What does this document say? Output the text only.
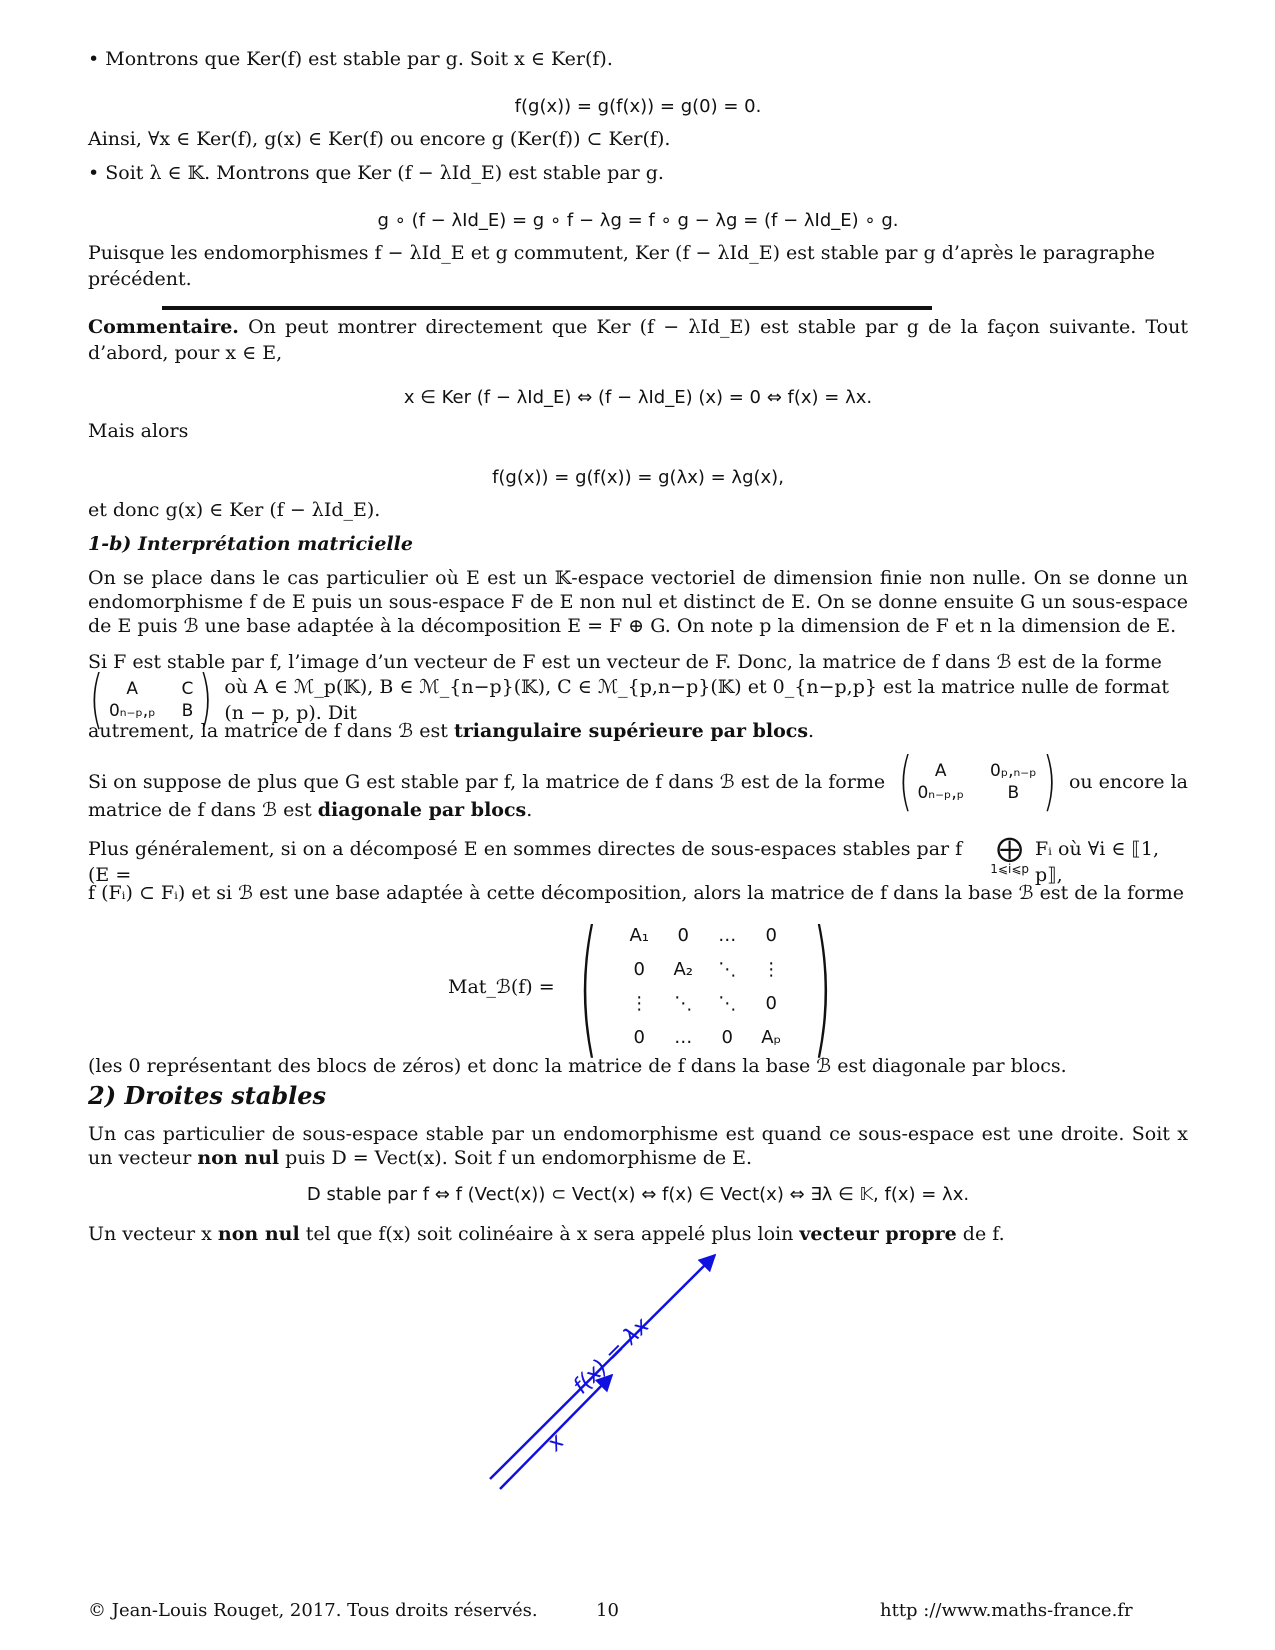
• Montrons que Ker(f) est stable par g. Soit x ∈ Ker(f).
f(g(x)) = g(f(x)) = g(0) = 0.
Ainsi, ∀x ∈ Ker(f), g(x) ∈ Ker(f) ou encore g (Ker(f)) ⊂ Ker(f).
• Soit λ ∈ 𝕂. Montrons que Ker (f − λId_E) est stable par g.
g ∘ (f − λId_E) = g ∘ f − λg = f ∘ g − λg = (f − λId_E) ∘ g.
Puisque les endomorphismes f − λId_E et g commutent, Ker (f − λId_E) est stable par g d’après le paragraphe précédent.
Commentaire. On peut montrer directement que Ker (f − λId_E) est stable par g de la façon suivante. Tout d’abord, pour x ∈ E,
x ∈ Ker (f − λId_E) ⇔ (f − λId_E) (x) = 0 ⇔ f(x) = λx.
Mais alors
f(g(x)) = g(f(x)) = g(λx) = λg(x),
et donc g(x) ∈ Ker (f − λId_E).
1-b) Interprétation matricielle
On se place dans le cas particulier où E est un 𝕂-espace vectoriel de dimension finie non nulle. On se donne un endomorphisme f de E puis un sous-espace F de E non nul et distinct de E. On se donne ensuite G un sous-espace de E puis ℬ une base adaptée à la décomposition E = F ⊕ G. On note p la dimension de F et n la dimension de E.
Si F est stable par f, l’image d’un vecteur de F est un vecteur de F. Donc, la matrice de f dans ℬ est de la forme
(	A	C
0ₙ₋ₚ,ₚ B ) où A ∈ ℳ_p(𝕂), B ∈ ℳ_{n−p}(𝕂), C ∈ ℳ_{p,n−p}(𝕂) et 0_{n−p,p} est la matrice nulle de format (n − p, p). Dit
autrement, la matrice de f dans ℬ est triangulaire supérieure par blocs.
Si on suppose de plus que G est stable par f, la matrice de f dans ℬ est de la forme (	A	0ₚ,ₙ₋ₚ
0ₙ₋ₚ,ₚ	B ) ou encore la
matrice de f dans ℬ est diagonale par blocs.
Plus généralement, si on a décomposé E en sommes directes de sous-espaces stables par f (E =
⨁
1⩽i⩽p
Fᵢ où ∀i ∈ ⟦1, p⟧,
f (Fᵢ) ⊂ Fᵢ) et si ℬ est une base adaptée à cette décomposition, alors la matrice de f dans la base ℬ est de la forme
Mat_ℬ(f) = (	A₁	0	…	0
0	A₂	⋱	⋮
⋮	⋱	⋱	0
0	…	0	Aₚ )
(les 0 représentant des blocs de zéros) et donc la matrice de f dans la base ℬ est diagonale par blocs.
2) Droites stables
Un cas particulier de sous-espace stable par un endomorphisme est quand ce sous-espace est une droite. Soit x un vecteur non nul puis D = Vect(x). Soit f un endomorphisme de E.
D stable par f ⇔ f (Vect(x)) ⊂ Vect(x) ⇔ f(x) ∈ Vect(x) ⇔ ∃λ ∈ 𝕂, f(x) = λx.
Un vecteur x non nul tel que f(x) soit colinéaire à x sera appelé plus loin vecteur propre de f.
f(x) = λx
x
© Jean-Louis Rouget, 2017. Tous droits réservés.	10	http ://www.maths-france.fr
